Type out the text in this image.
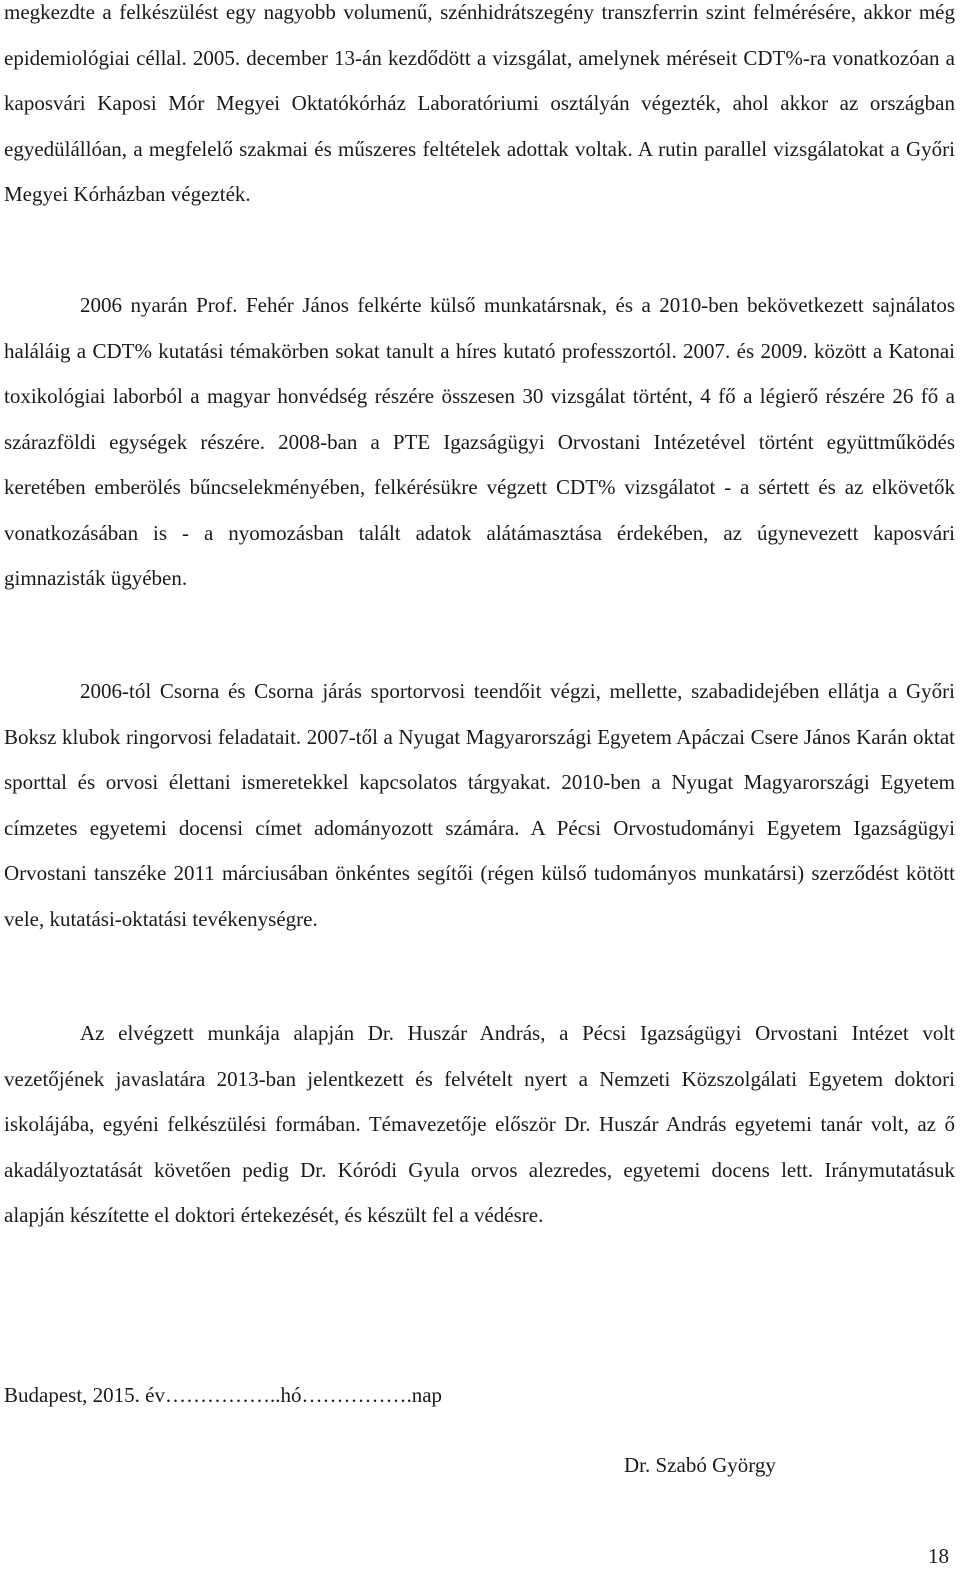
megkezdte a felkészülést egy nagyobb volumenű, szénhidrátszegény transzferrin szint felmérésére, akkor még epidemiológiai céllal. 2005. december 13-án kezdődött a vizsgálat, amelynek méréseit CDT%-ra vonatkozóan a kaposvári Kaposi Mór Megyei Oktatókórház Laboratóriumi osztályán végezték, ahol akkor az országban egyedülállóan, a megfelelő szakmai és műszeres feltételek adottak voltak. A rutin parallel vizsgálatokat a Győri Megyei Kórházban végezték.

2006 nyarán Prof. Fehér János felkérte külső munkatársnak, és a 2010-ben bekövetkezett sajnálatos haláláig a CDT% kutatási témakörben sokat tanult a híres kutató professzortól. 2007. és 2009. között a Katonai toxikológiai laborból a magyar honvédség részére összesen 30 vizsgálat történt, 4 fő a légierő részére 26 fő a szárazföldi egységek részére. 2008-ban a PTE Igazságügyi Orvostani Intézetével történt együttműködés keretében emberölés bűncselekményében, felkérésükre végzett CDT% vizsgálatot - a sértett és az elkövetők vonatkozásában is - a nyomozásban talált adatok alátámasztása érdekében, az úgynevezett kaposvári gimnazisták ügyében.

2006-tól Csorna és Csorna járás sportorvosi teendőit végzi, mellette, szabadidejében ellátja a Győri Boksz klubok ringorvosi feladatait. 2007-től a Nyugat Magyarországi Egyetem Apáczai Csere János Karán oktat sporttal és orvosi élettani ismeretekkel kapcsolatos tárgyakat. 2010-ben a Nyugat Magyarországi Egyetem címzetes egyetemi docensi címet adományozott számára. A Pécsi Orvostudományi Egyetem Igazságügyi Orvostani tanszéke 2011 márciusában önkéntes segítői (régen külső tudományos munkatársi) szerződést kötött vele, kutatási-oktatási tevékenységre.

Az elvégzett munkája alapján Dr. Huszár András, a Pécsi Igazságügyi Orvostani Intézet volt vezetőjének javaslatára 2013-ban jelentkezett és felvételt nyert a Nemzeti Közszolgálati Egyetem doktori iskolájába, egyéni felkészülési formában. Témavezetője először Dr. Huszár András egyetemi tanár volt, az ő akadályoztatását követően pedig Dr. Kóródi Gyula orvos alezredes, egyetemi docens lett. Iránymutatásuk alapján készítette el doktori értekezését, és készült fel a védésre.

Budapest, 2015. év……………..hó…………….nap
Dr. Szabó György
18
